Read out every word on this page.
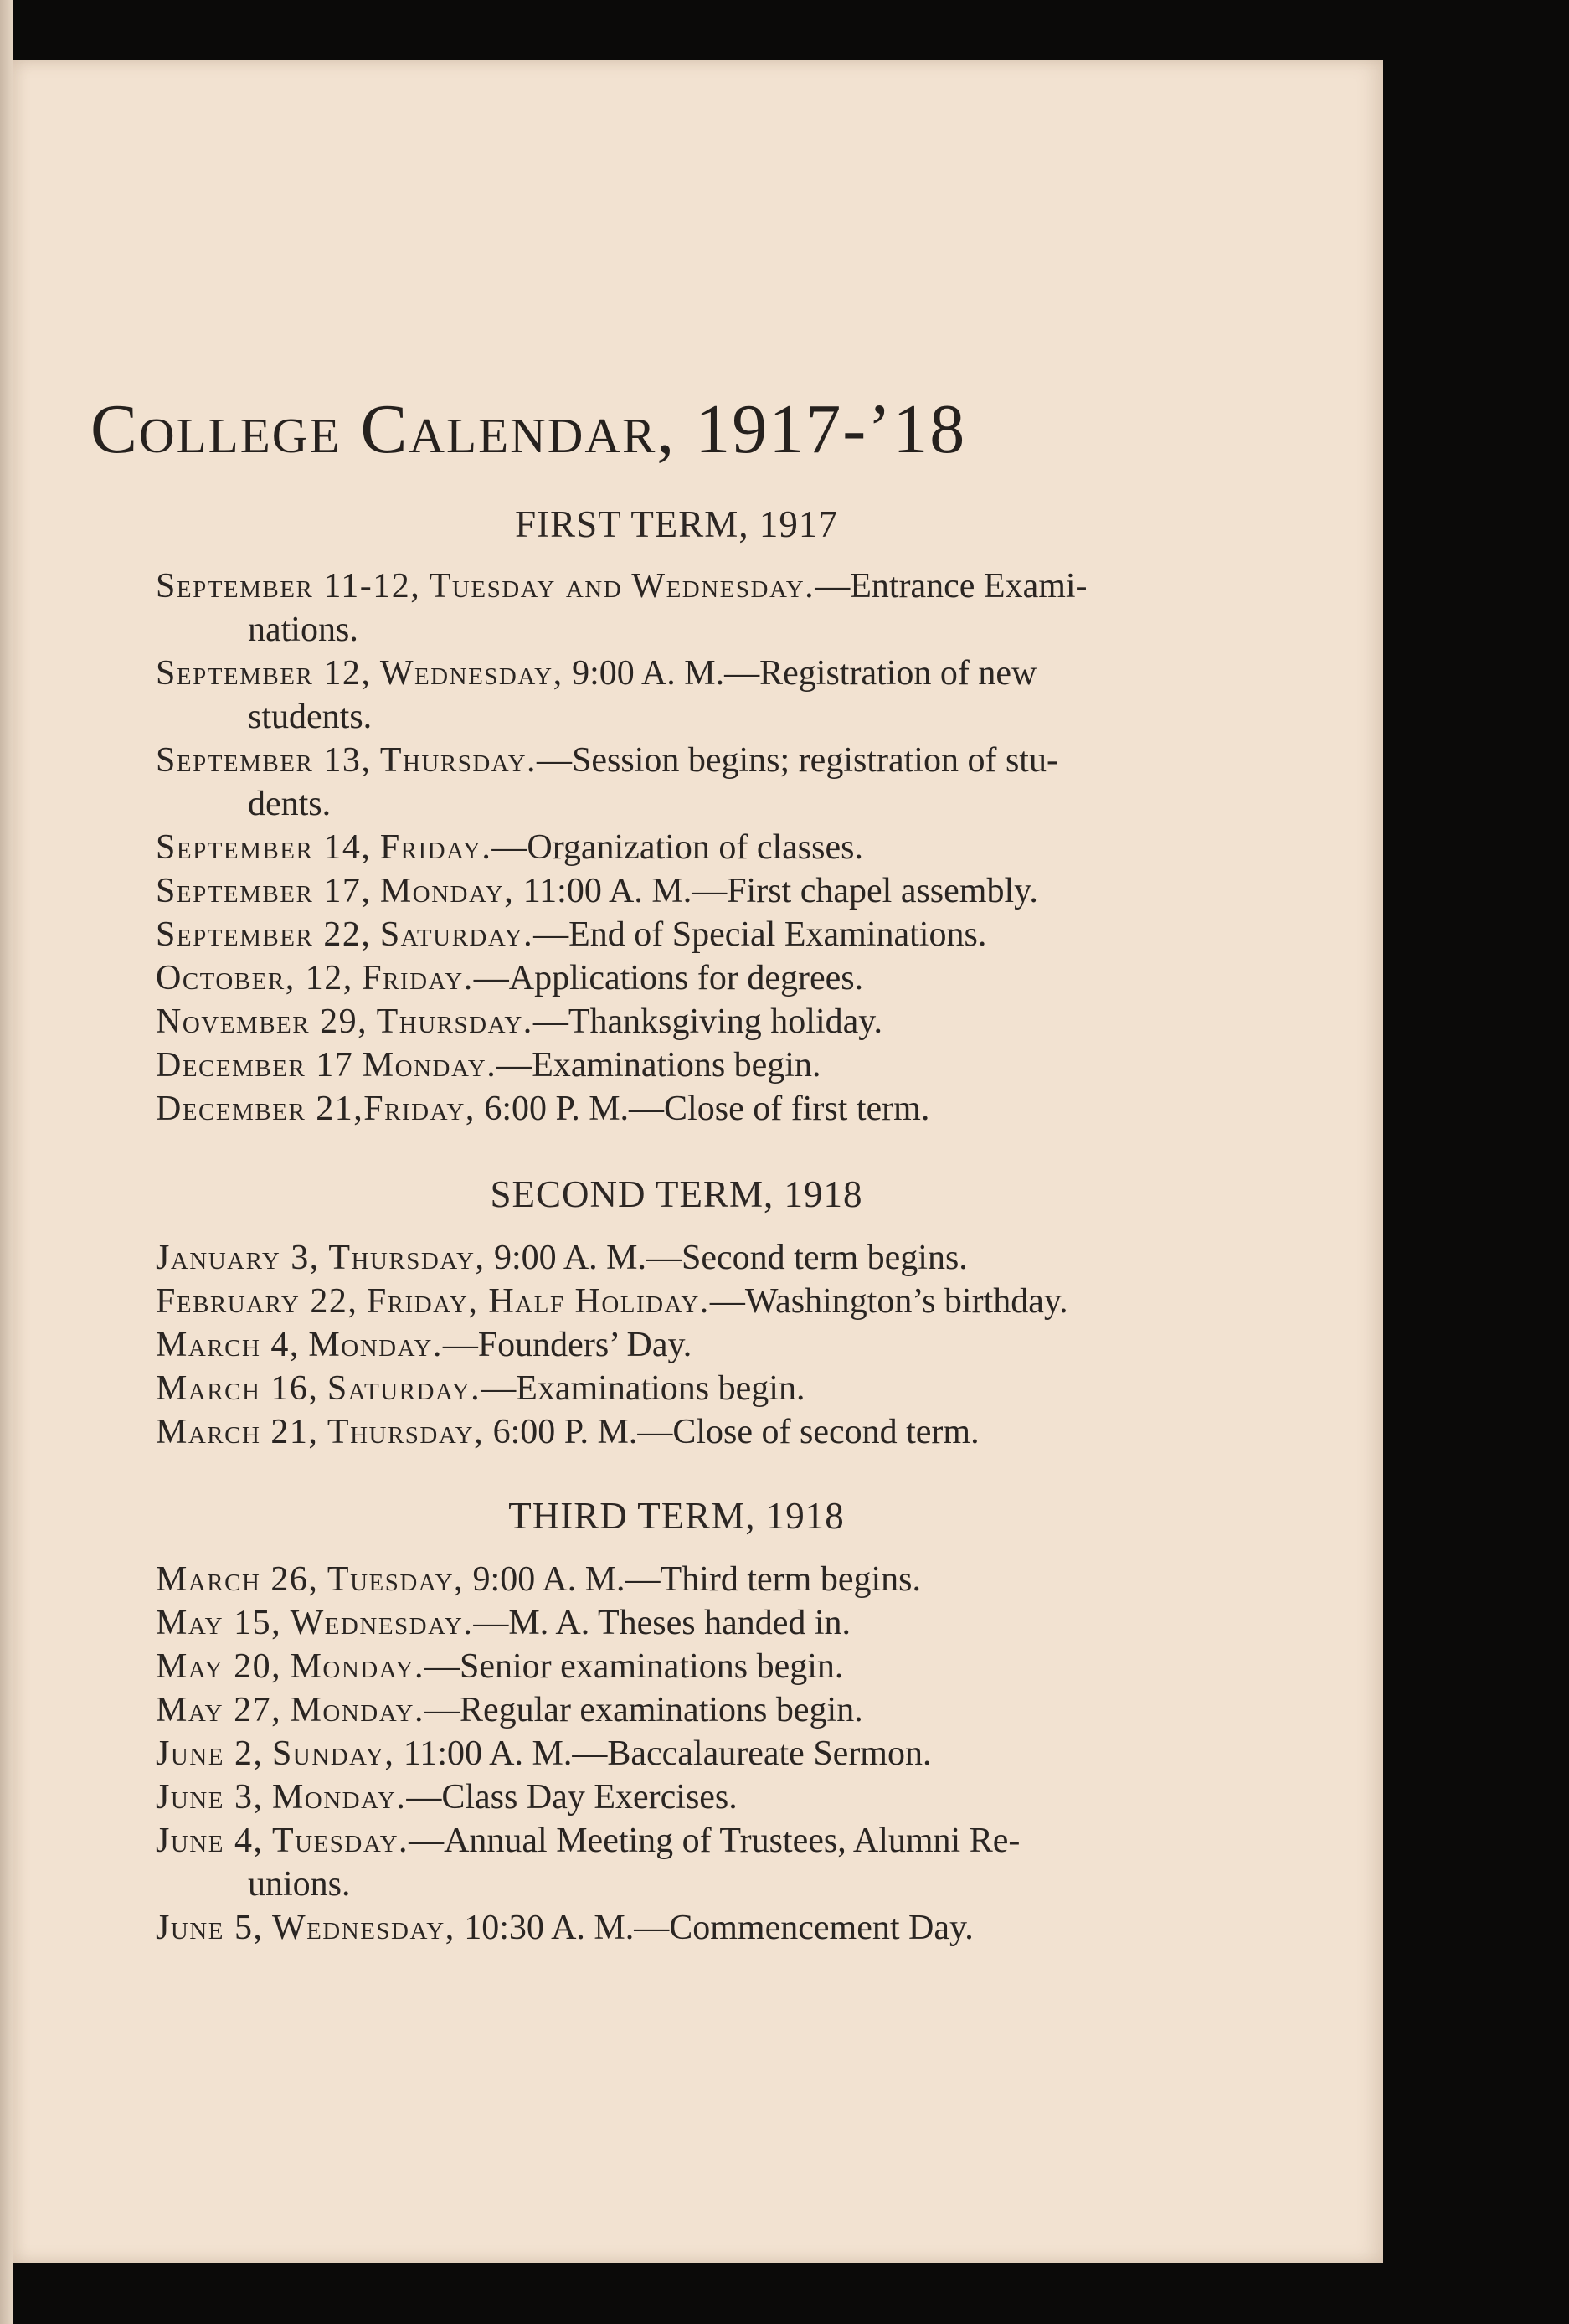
College Calendar, 1917-’18
FIRST TERM, 1917
September 11-12, Tuesday and Wednesday.—Entrance Exami-
nations.
September 12, Wednesday, 9:00 A. M.—Registration of new
students.
September 13, Thursday.—Session begins; registration of stu-
dents.
September 14, Friday.—Organization of classes.
September 17, Monday, 11:00 A. M.—First chapel assembly.
September 22, Saturday.—End of Special Examinations.
October, 12, Friday.—Applications for degrees.
November 29, Thursday.—Thanksgiving holiday.
December 17 Monday.—Examinations begin.
December 21,Friday, 6:00 P. M.—Close of first term.
SECOND TERM, 1918
January 3, Thursday, 9:00 A. M.—Second term begins.
February 22, Friday, Half Holiday.—Washington’s birthday.
March 4, Monday.—Founders’ Day.
March 16, Saturday.—Examinations begin.
March 21, Thursday, 6:00 P. M.—Close of second term.
THIRD TERM, 1918
March 26, Tuesday, 9:00 A. M.—Third term begins.
May 15, Wednesday.—M. A. Theses handed in.
May 20, Monday.—Senior examinations begin.
May 27, Monday.—Regular examinations begin.
June 2, Sunday, 11:00 A. M.—Baccalaureate Sermon.
June 3, Monday.—Class Day Exercises.
June 4, Tuesday.—Annual Meeting of Trustees, Alumni Re-
unions.
June 5, Wednesday, 10:30 A. M.—Commencement Day.
